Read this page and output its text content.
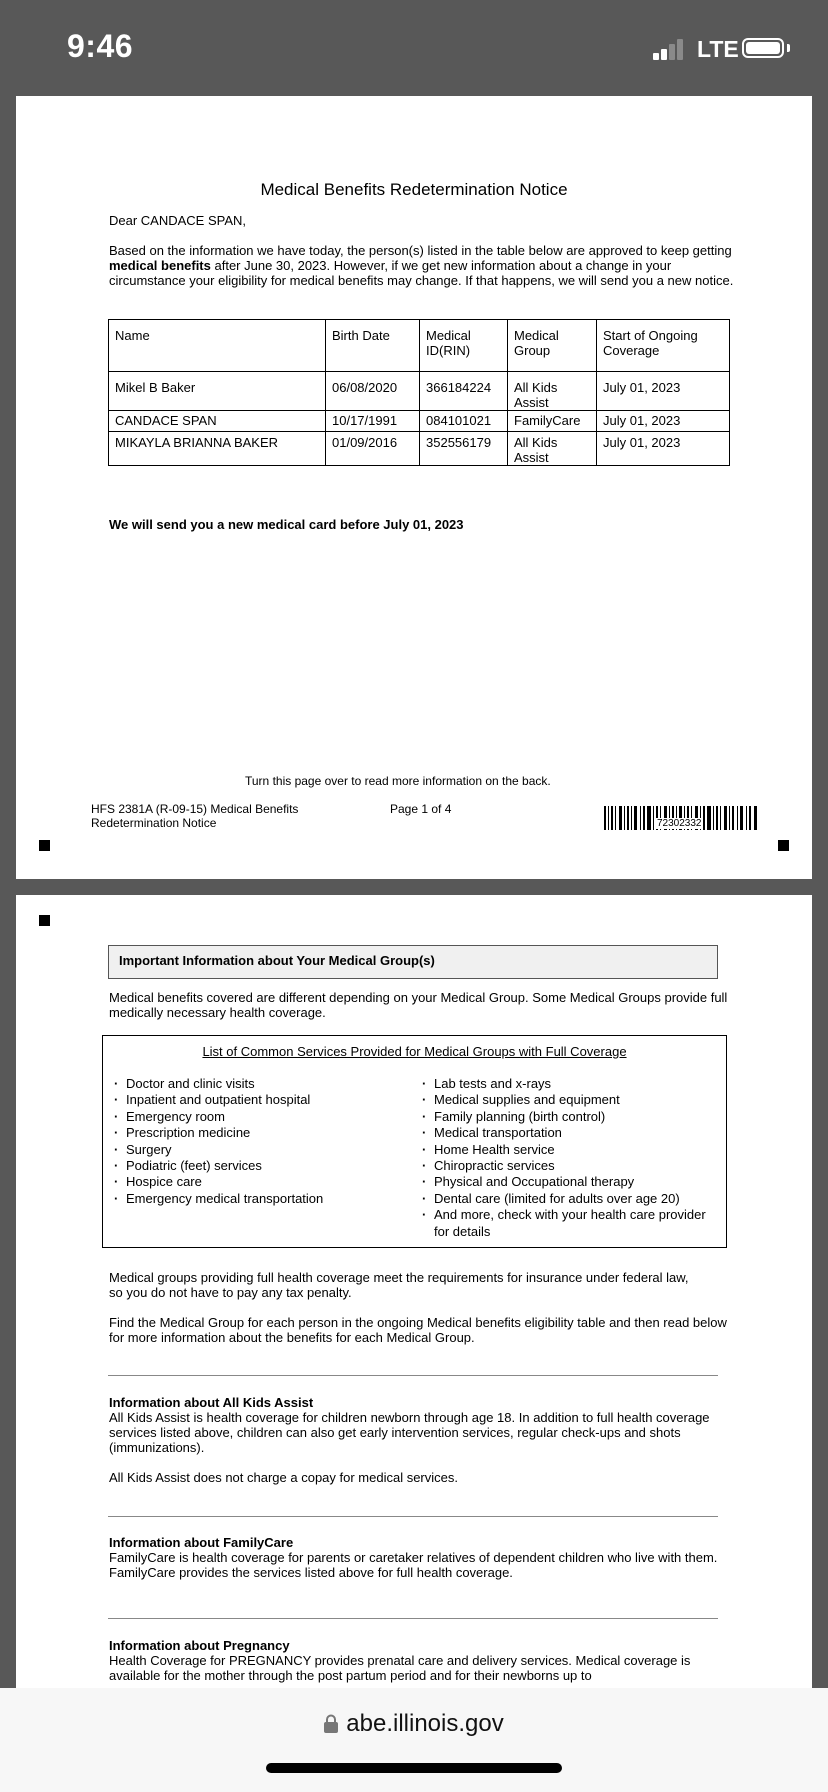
9:46	LTE
Medical Benefits Redetermination Notice
Dear CANDACE SPAN,
Based on the information we have today, the person(s) listed in the table below are approved to keep getting medical benefits after June 30, 2023. However, if we get new information about a change in your circumstance your eligibility for medical benefits may change. If that happens, we will send you a new notice.
Name	Birth Date	Medical ID(RIN)	Medical Group	Start of Ongoing Coverage
Mikel B Baker	06/08/2020	366184224	All Kids Assist	July 01, 2023
CANDACE SPAN	10/17/1991	084101021	FamilyCare	July 01, 2023
MIKAYLA BRIANNA BAKER	01/09/2016	352556179	All Kids Assist	July 01, 2023
We will send you a new medical card before July 01, 2023
Turn this page over to read more information on the back.
HFS 2381A (R-09-15) Medical Benefits Redetermination Notice
Page 1 of 4
72302332
Important Information about Your Medical Group(s)
Medical benefits covered are different depending on your Medical Group. Some Medical Groups provide full medically necessary health coverage.
List of Common Services Provided for Medical Groups with Full Coverage
· Doctor and clinic visits
· Inpatient and outpatient hospital
· Emergency room
· Prescription medicine
· Surgery
· Podiatric (feet) services
· Hospice care
· Emergency medical transportation
· Lab tests and x-rays
· Medical supplies and equipment
· Family planning (birth control)
· Medical transportation
· Home Health service
· Chiropractic services
· Physical and Occupational therapy
· Dental care (limited for adults over age 20)
· And more, check with your health care provider for details
Medical groups providing full health coverage meet the requirements for insurance under federal law, so you do not have to pay any tax penalty.
Find the Medical Group for each person in the ongoing Medical benefits eligibility table and then read below for more information about the benefits for each Medical Group.
Information about All Kids Assist
All Kids Assist is health coverage for children newborn through age 18. In addition to full health coverage services listed above, children can also get early intervention services, regular check-ups and shots (immunizations).
All Kids Assist does not charge a copay for medical services.
Information about FamilyCare
FamilyCare is health coverage for parents or caretaker relatives of dependent children who live with them. FamilyCare provides the services listed above for full health coverage.
Information about Pregnancy
Health Coverage for PREGNANCY provides prenatal care and delivery services. Medical coverage is available for the mother through the post partum period and for their newborns up to
abe.illinois.gov
